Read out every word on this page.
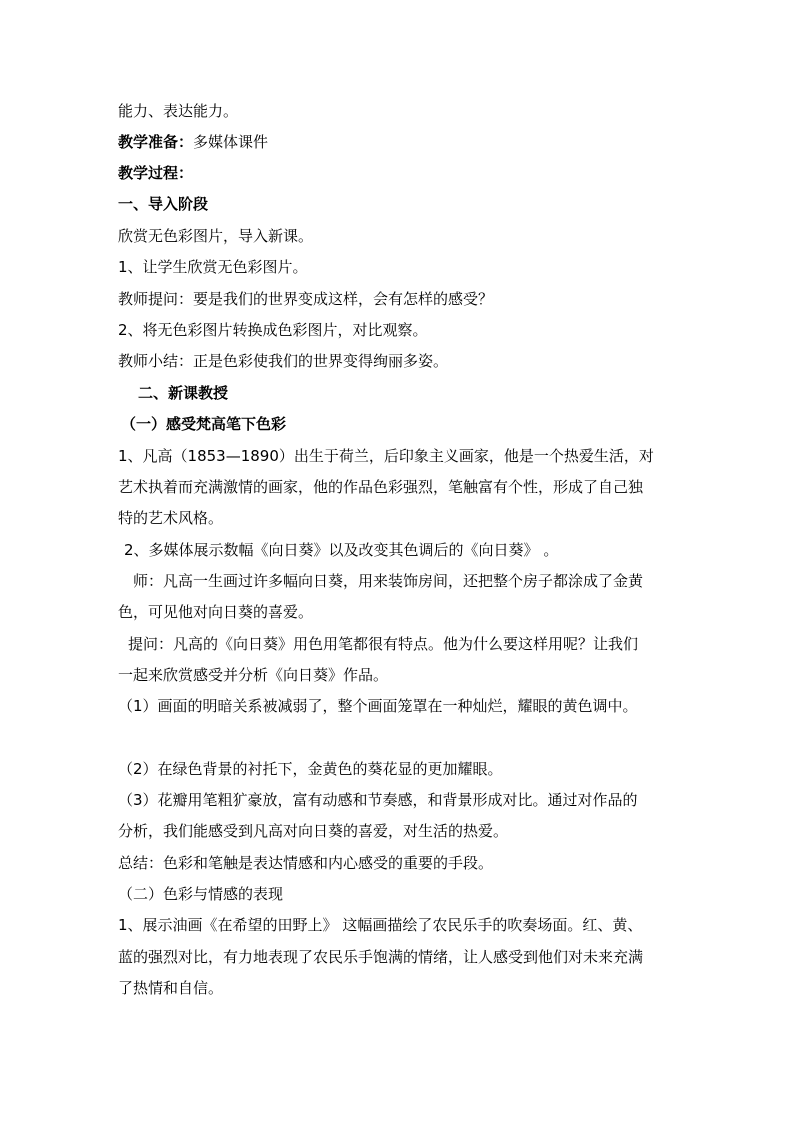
能力、表达能力。
教学准备：多媒体课件
教学过程：
一、导入阶段
欣赏无色彩图片，导入新课。
1、让学生欣赏无色彩图片。
教师提问：要是我们的世界变成这样，会有怎样的感受？
2、将无色彩图片转换成色彩图片，对比观察。
教师小结：正是色彩使我们的世界变得绚丽多姿。
二、新课教授
（一）感受梵高笔下色彩
1、凡高（1853—1890）出生于荷兰，后印象主义画家，他是一个热爱生活，对
艺术执着而充满激情的画家，他的作品色彩强烈，笔触富有个性，形成了自己独
特的艺术风格。
2、多媒体展示数幅《向日葵》以及改变其色调后的《向日葵》 。
师：凡高一生画过许多幅向日葵，用来装饰房间，还把整个房子都涂成了金黄
色，可见他对向日葵的喜爱。
提问：凡高的《向日葵》用色用笔都很有特点。他为什么要这样用呢？让我们
一起来欣赏感受并分析《向日葵》作品。
（1）画面的明暗关系被减弱了，整个画面笼罩在一种灿烂，耀眼的黄色调中。
（2）在绿色背景的衬托下，金黄色的葵花显的更加耀眼。
（3）花瓣用笔粗犷豪放，富有动感和节奏感，和背景形成对比。通过对作品的
分析，我们能感受到凡高对向日葵的喜爱，对生活的热爱。
总结：色彩和笔触是表达情感和内心感受的重要的手段。
（二）色彩与情感的表现
1、展示油画《在希望的田野上》 这幅画描绘了农民乐手的吹奏场面。红、黄、
蓝的强烈对比，有力地表现了农民乐手饱满的情绪，让人感受到他们对未来充满
了热情和自信。
